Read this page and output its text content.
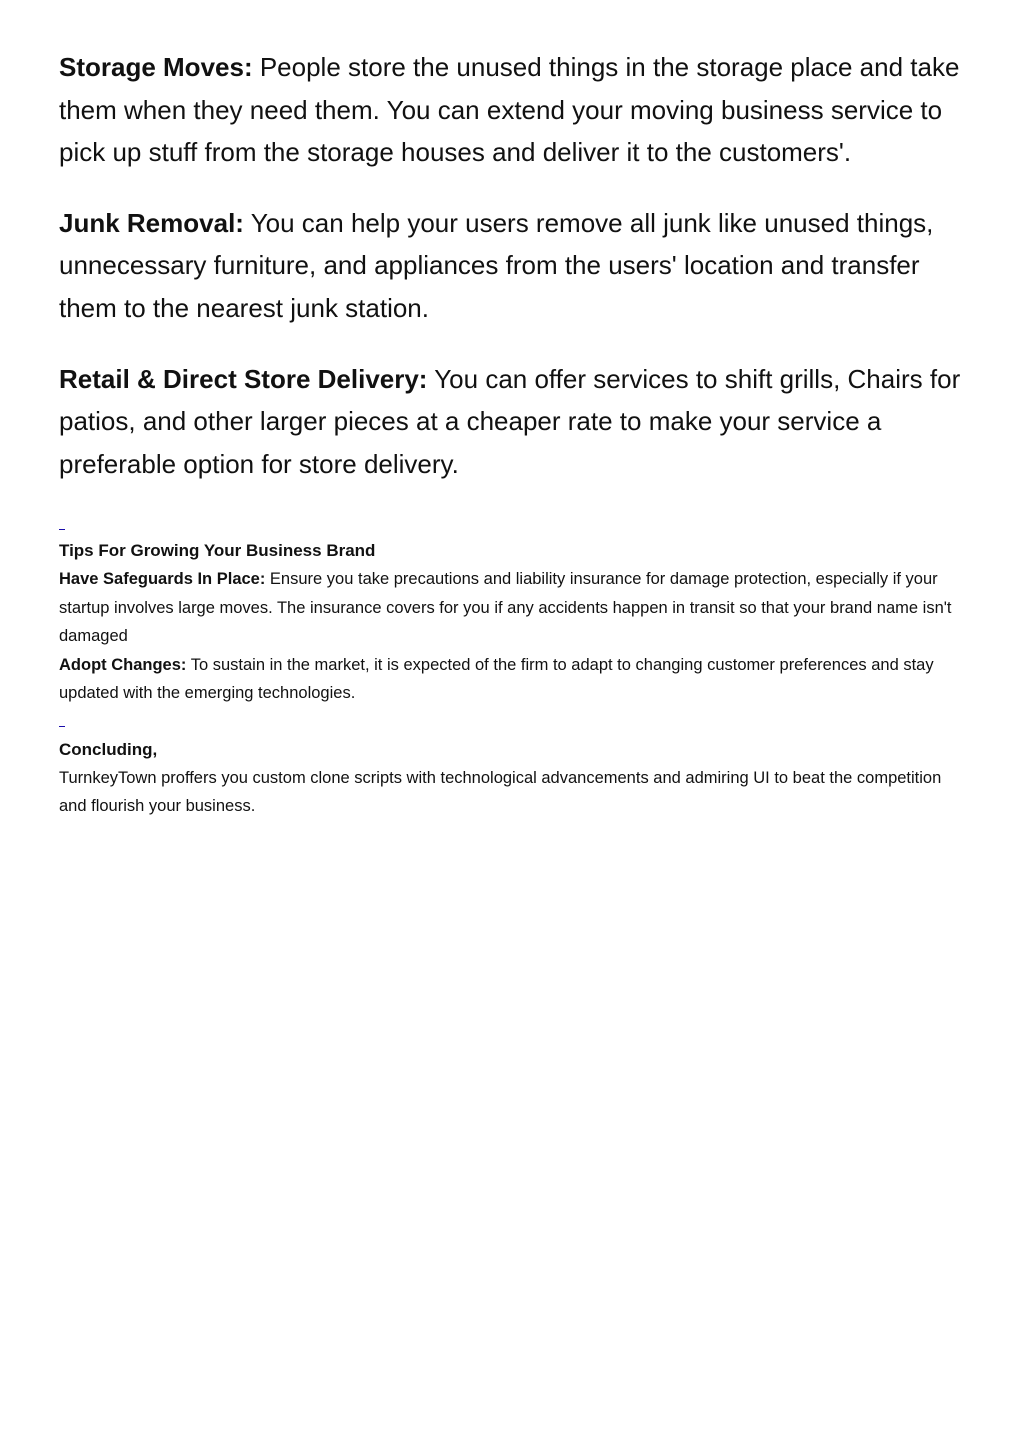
Storage Moves: People store the unused things in the storage place and take them when they need them. You can extend your moving business service to pick up stuff from the storage houses and deliver it to the customers'.

Junk Removal: You can help your users remove all junk like unused things, unnecessary furniture, and appliances from the users' location and transfer them to the nearest junk station.

Retail & Direct Store Delivery: You can offer services to shift grills, Chairs for patios, and other larger pieces at a cheaper rate to make your service a preferable option for store delivery.

Tips For Growing Your Business Brand

Have Safeguards In Place: Ensure you take precautions and liability insurance for damage protection, especially if your startup involves large moves. The insurance covers for you if any accidents happen in transit so that your brand name isn't damaged

Adopt Changes: To sustain in the market, it is expected of the firm to adapt to changing customer preferences and stay updated with the emerging technologies.

Concluding,

TurnkeyTown proffers you custom clone scripts with technological advancements and admiring UI to beat the competition and flourish your business.
